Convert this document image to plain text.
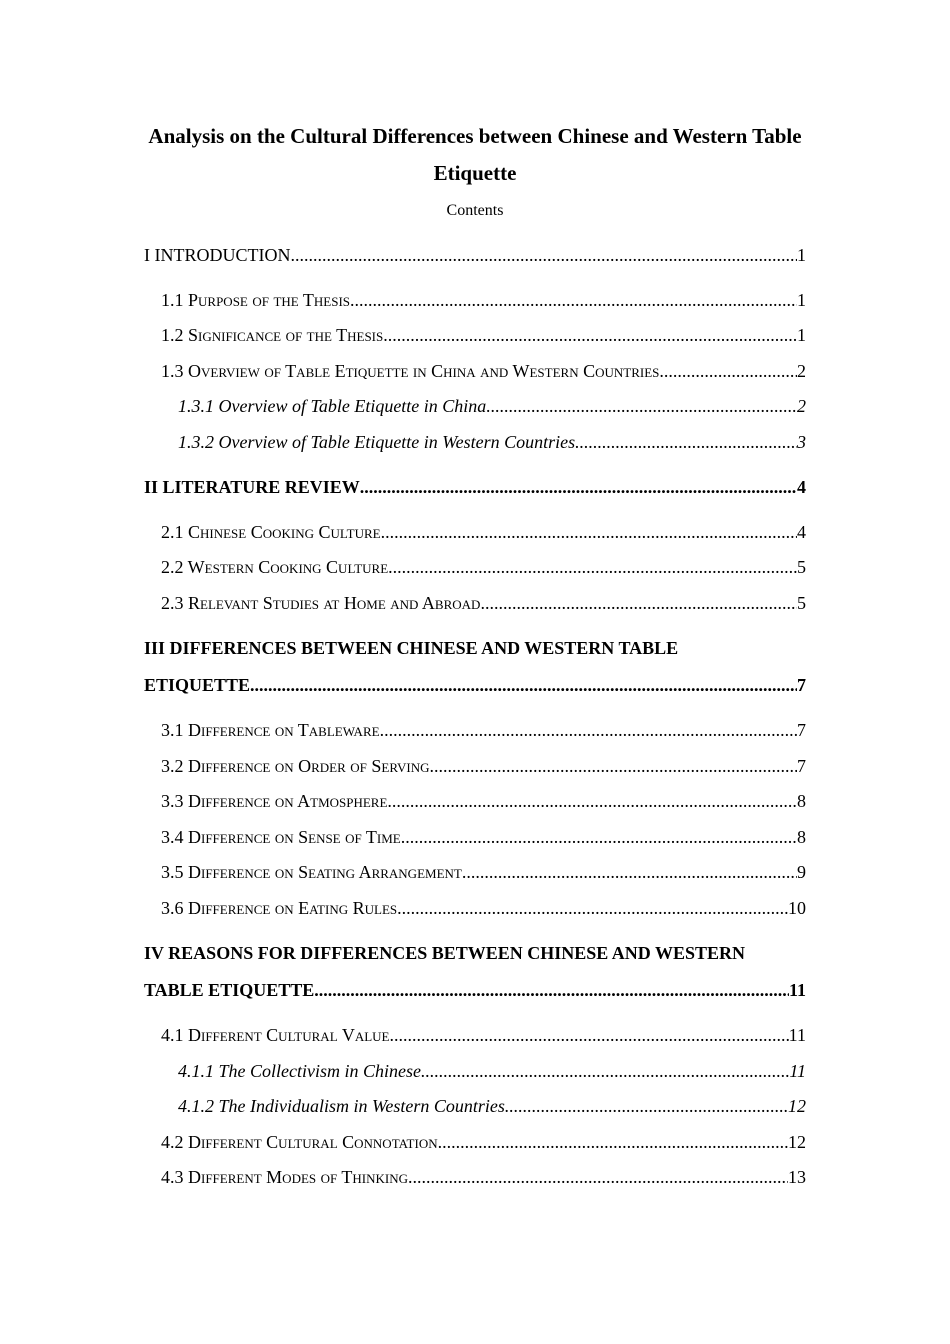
Analysis on the Cultural Differences between Chinese and Western Table Etiquette
Contents
I INTRODUCTION .....	1
1.1 Purpose of the Thesis .....	1
1.2 Significance of the Thesis .....	1
1.3 Overview of Table Etiquette in China and Western Countries .....	2
1.3.1 Overview of Table Etiquette in China .....	2
1.3.2 Overview of Table Etiquette in Western Countries .....	3
II LITERATURE REVIEW .....	4
2.1 Chinese Cooking Culture .....	4
2.2 Western Cooking Culture .....	5
2.3 Relevant Studies at Home and Abroad .....	5
III DIFFERENCES BETWEEN CHINESE AND WESTERN TABLE
ETIQUETTE .....	7
3.1 Difference on Tableware .....	7
3.2 Difference on Order of Serving .....	7
3.3 Difference on Atmosphere .....	8
3.4 Difference on Sense of Time .....	8
3.5 Difference on Seating Arrangement .....	9
3.6 Difference on Eating Rules .....	10
IV REASONS FOR DIFFERENCES BETWEEN CHINESE AND WESTERN
TABLE ETIQUETTE .....	11
4.1 Different Cultural Value .....	11
4.1.1 The Collectivism in Chinese .....	11
4.1.2 The Individualism in Western Countries .....	12
4.2 Different Cultural Connotation .....	12
4.3 Different Modes of Thinking .....	13
